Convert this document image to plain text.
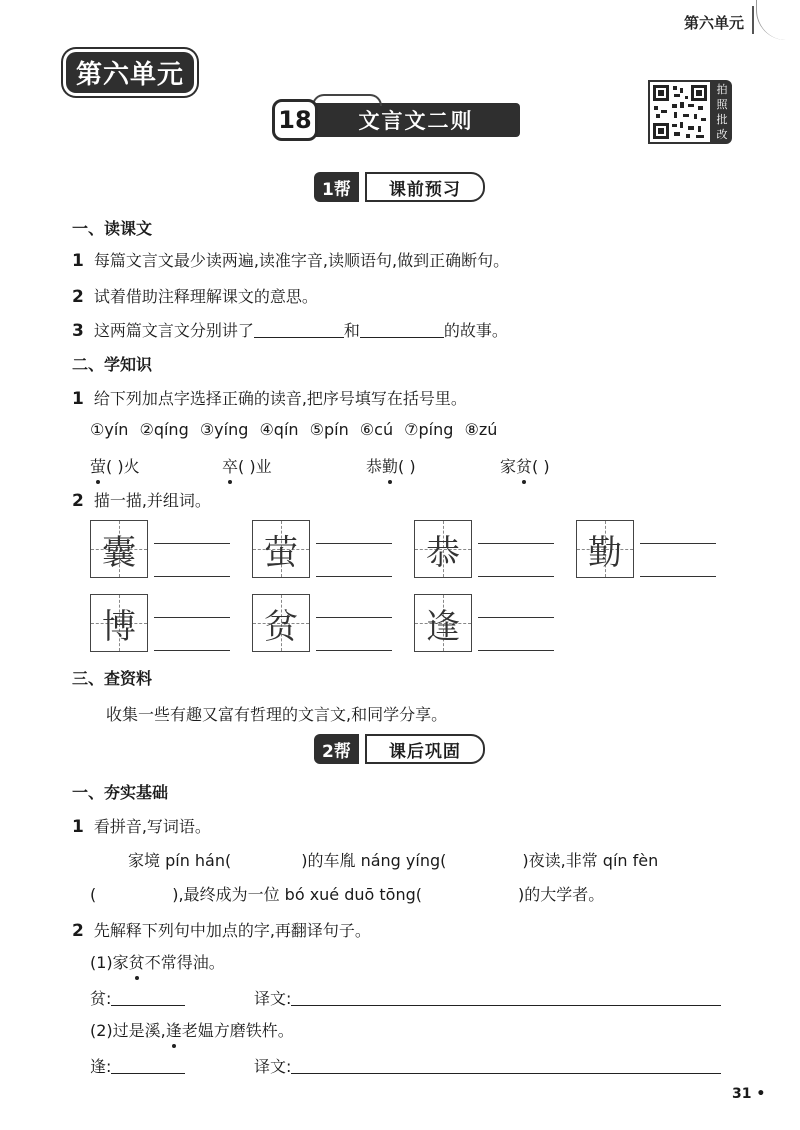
第六单元
第六单元
18	文言文二则
拍照批改
1帮	课前预习
一、读课文
1 每篇文言文最少读两遍,读准字音,读顺语句,做到正确断句。
2 试着借助注释理解课文的意思。
3 这两篇文言文分别讲了	和	的故事。
二、学知识
1 给下列加点字选择正确的读音,把序号填写在括号里。
①yín ②qíng ③yíng ④qín ⑤pín ⑥cú ⑦píng ⑧zú
萤( )火	卒( )业	恭勤( )	家贫( )
2 描一描,并组词。
囊	萤	恭	勤
博	贫	逢
三、查资料
收集一些有趣又富有哲理的文言文,和同学分享。
2帮	课后巩固
一、夯实基础
1 看拼音,写词语。
家境 pín hán(	)的车胤 náng yíng(	)夜读,非常 qín fèn
(	),最终成为一位 bó xué duō tōng(	)的大学者。
2 先解释下列句中加点的字,再翻译句子。
(1)家贫不常得油。
贫:	译文:
(2)过是溪,逢老媪方磨铁杵。
逢:	译文:
31 •
